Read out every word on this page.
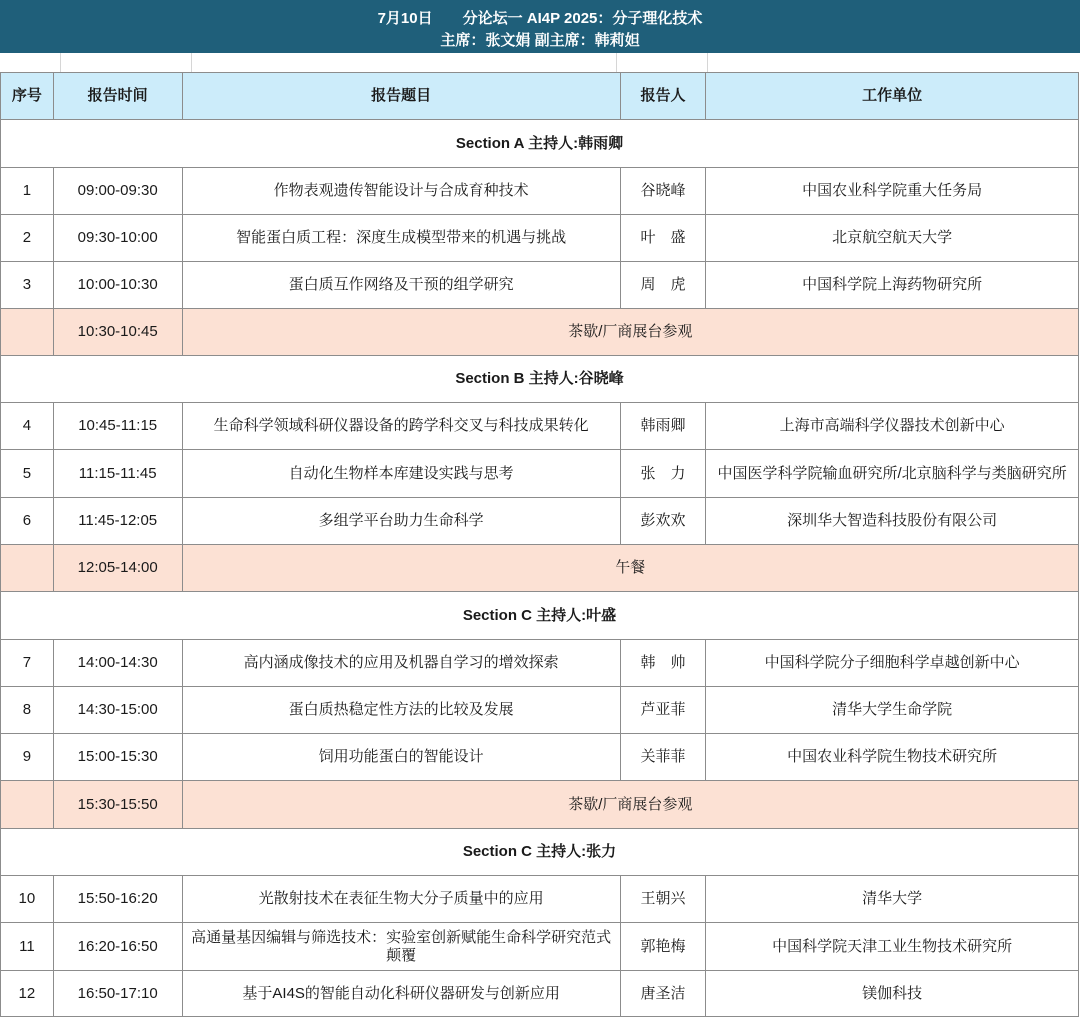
7月10日　　分论坛一 AI4P 2025：分子理化技术
主席：张文娟 副主席：韩莉妲
序号	报告时间	报告题目	报告人	工作单位
Section A 主持人:韩雨卿				
1	09:00-09:30	作物表观遗传智能设计与合成育种技术	谷晓峰	中国农业科学院重大任务局
2	09:30-10:00	智能蛋白质工程：深度生成模型带来的机遇与挑战	叶　盛	北京航空航天大学
3	10:00-10:30	蛋白质互作网络及干预的组学研究	周　虎	中国科学院上海药物研究所
	10:30-10:45	茶歇/厂商展台参观		
Section B 主持人:谷晓峰				
4	10:45-11:15	生命科学领域科研仪器设备的跨学科交叉与科技成果转化	韩雨卿	上海市高端科学仪器技术创新中心
5	11:15-11:45	自动化生物样本库建设实践与思考	张　力	中国医学科学院输血研究所/北京脑科学与类脑研究所
6	11:45-12:05	多组学平台助力生命科学	彭欢欢	深圳华大智造科技股份有限公司
	12:05-14:00	午餐		
Section C 主持人:叶盛				
7	14:00-14:30	高内涵成像技术的应用及机器自学习的增效探索	韩　帅	中国科学院分子细胞科学卓越创新中心
8	14:30-15:00	蛋白质热稳定性方法的比较及发展	芦亚菲	清华大学生命学院
9	15:00-15:30	饲用功能蛋白的智能设计	关菲菲	中国农业科学院生物技术研究所
	15:30-15:50	茶歇/厂商展台参观		
Section C 主持人:张力				
10	15:50-16:20	光散射技术在表征生物大分子质量中的应用	王朝兴	清华大学
11	16:20-16:50	高通量基因编辑与筛选技术：实验室创新赋能生命科学研究范式颠覆	郭艳梅	中国科学院天津工业生物技术研究所
12	16:50-17:10	基于AI4S的智能自动化科研仪器研发与创新应用	唐圣洁	镁伽科技
